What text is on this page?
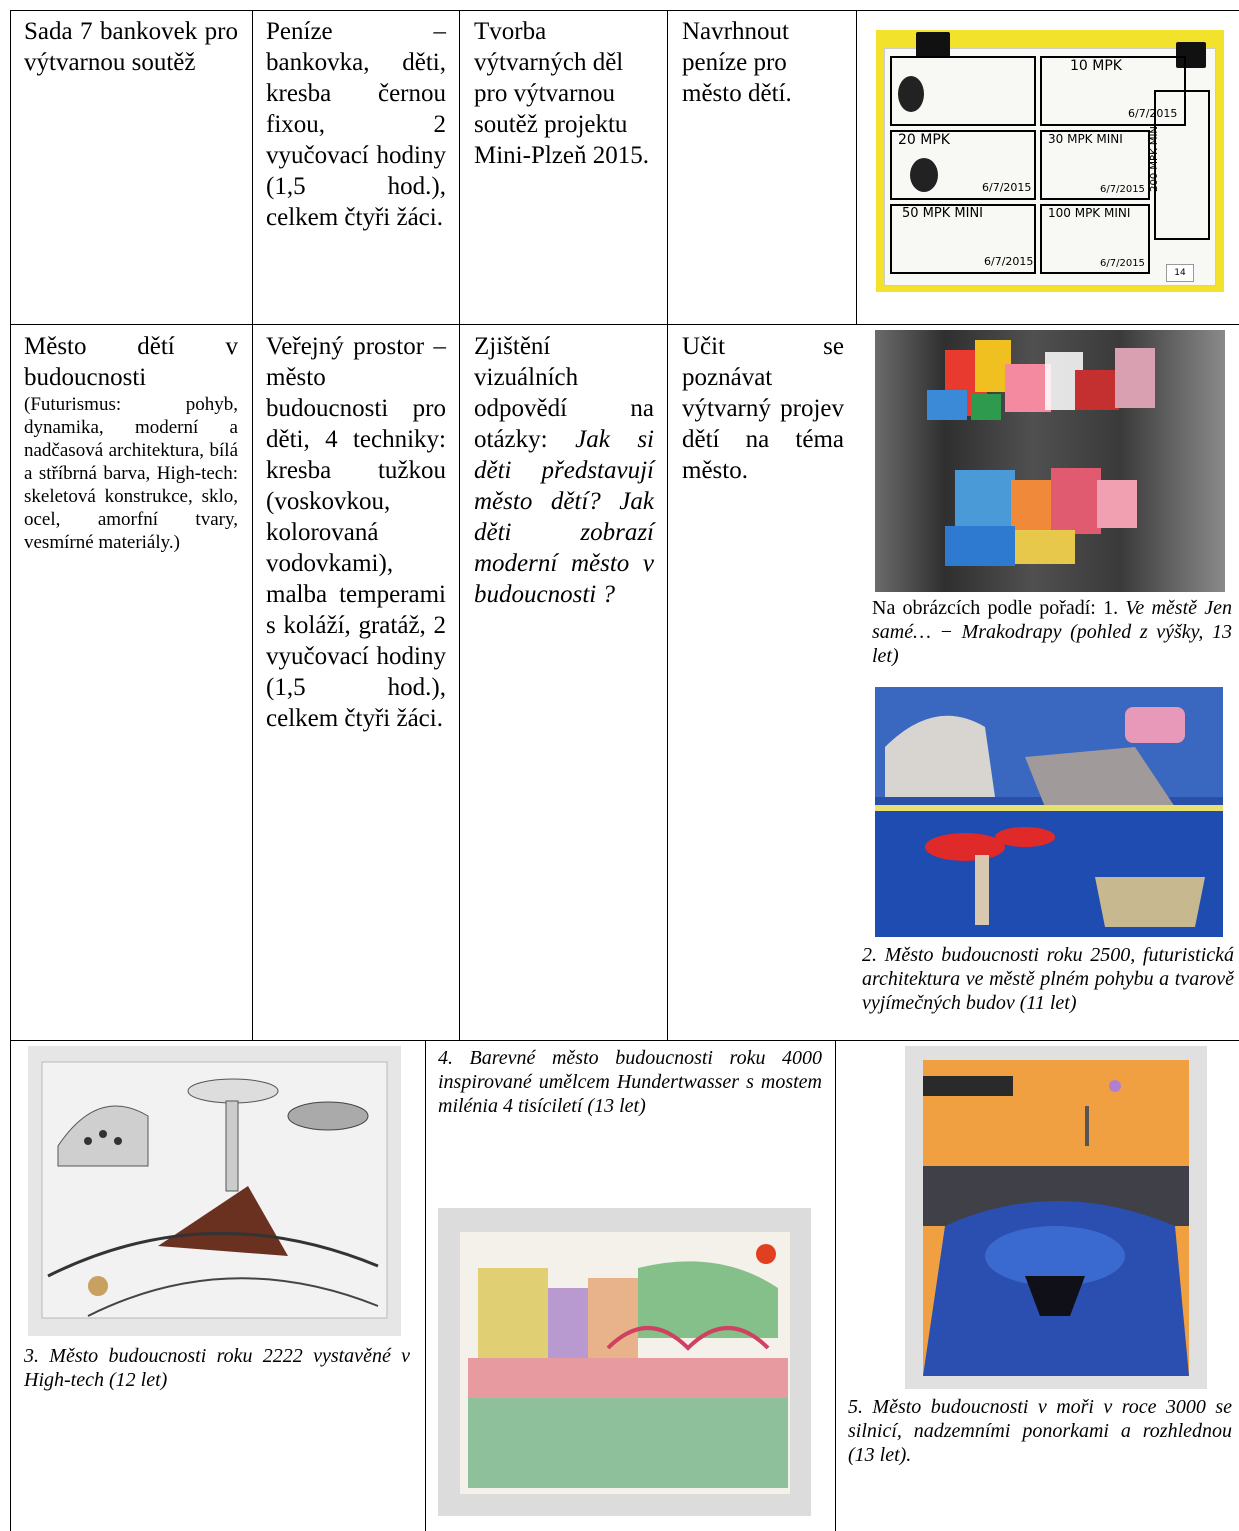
Sada 7 bankovek pro výtvarnou soutěž
Peníze – bankovka, děti, kresba černou fixou, 2 vyučovací hodiny (1,5 hod.), celkem čtyři žáci.
Tvorba výtvarných děl pro výtvarnou soutěž projektu Mini-Plzeň 2015.
Navrhnout peníze pro město dětí.
10 MPK
6/7/2015
20 MPK
6/7/2015
30 MPK MINI
6/7/2015 200 MPK MINI
50 MPK MINI
6/7/2015
100 MPK MINI
6/7/2015
14
Město dětí v budoucnosti
(Futurismus: pohyb, dynamika, moderní a nadčasová architektura, bílá a stříbrná barva, High-tech: skeletová konstrukce, sklo, ocel, amorfní tvary, vesmírné materiály.)
Veřejný prostor – město budoucnosti pro děti, 4 techniky: kresba tužkou (voskovkou, kolorovaná vodovkami), malba temperami s koláží, gratáž, 2 vyučovací hodiny (1,5 hod.), celkem čtyři žáci.
Zjištění vizuálních odpovědí na otázky: Jak si děti představují město dětí? Jak děti zobrazí moderní město v budoucnosti ?
Učit se poznávat výtvarný projev dětí na téma město.
Na obrázcích podle pořadí: 1. Ve městě Jen samé… − Mrakodrapy (pohled z výšky, 13 let)
2. Město budoucnosti roku 2500, futuristická architektura ve městě plném pohybu a tvarově vyjímečných budov (11 let)
3. Město budoucnosti roku 2222 vystavěné v High-tech (12 let)
4. Barevné město budoucnosti roku 4000 inspirované umělcem Hundertwasser s mostem milénia 4 tisíciletí (13 let)
5. Město budoucnosti v moři v roce 3000 se silnicí, nadzemními ponorkami a rozhlednou (13 let).
